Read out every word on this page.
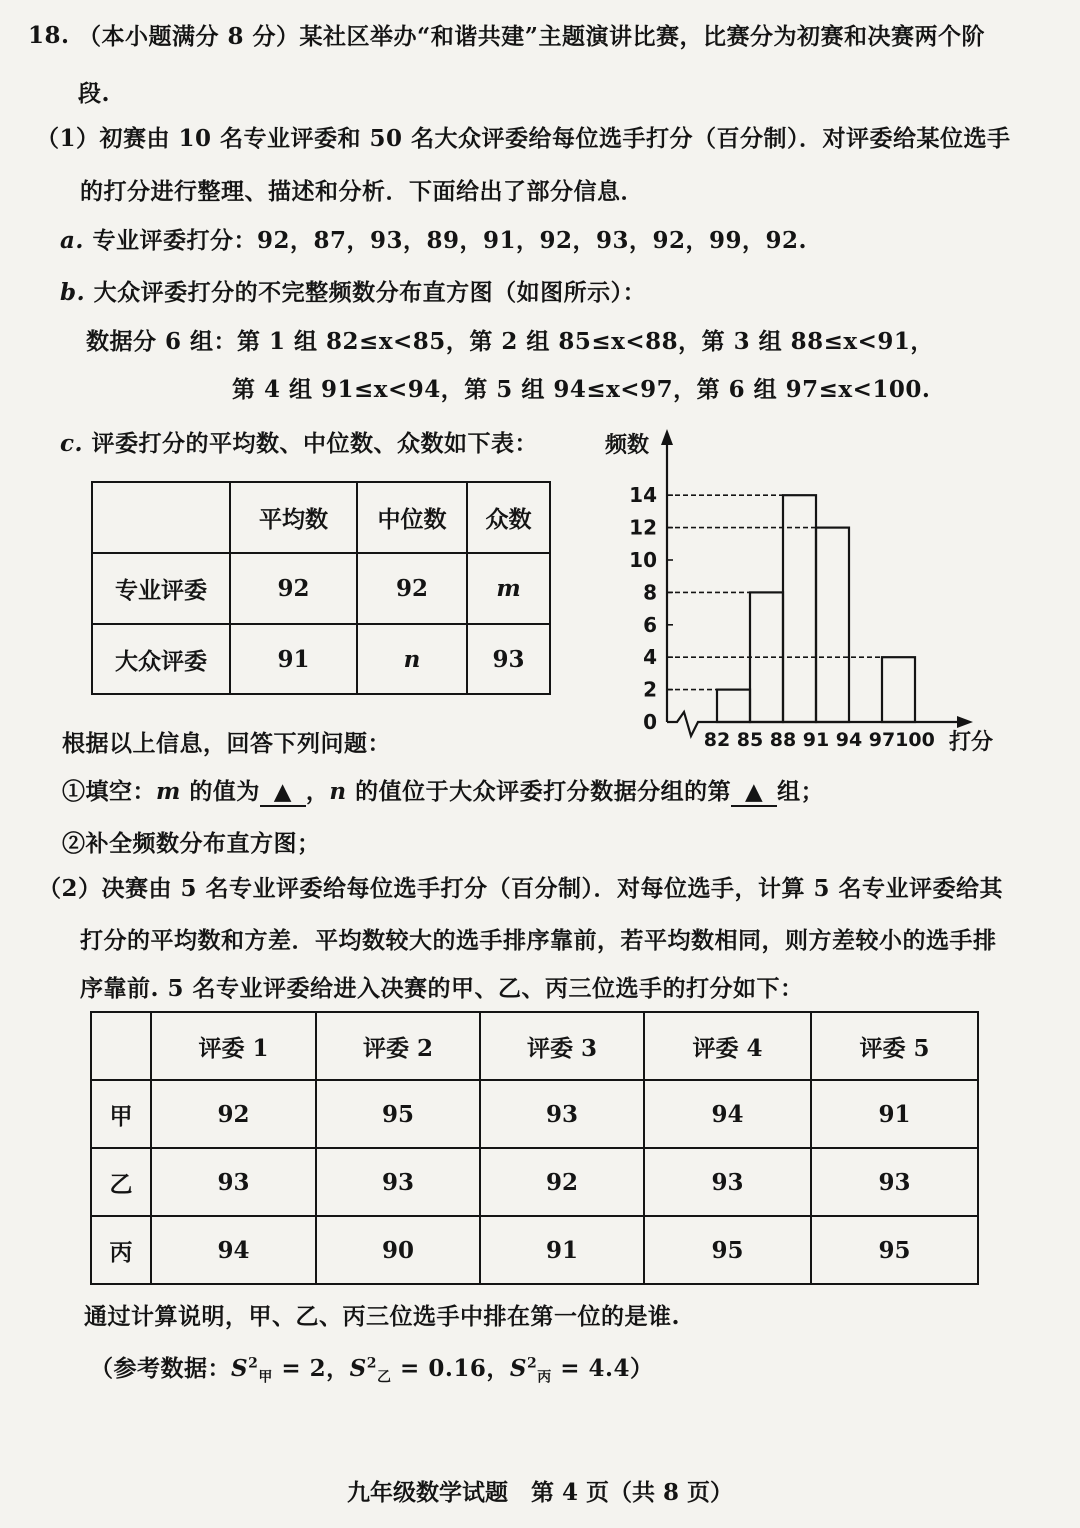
18. （本小题满分 8 分）某社区举办“和谐共建”主题演讲比赛，比赛分为初赛和决赛两个阶
段.
（1）初赛由 10 名专业评委和 50 名大众评委给每位选手打分（百分制）．对评委给某位选手
的打分进行整理、描述和分析．下面给出了部分信息．
a. 专业评委打分：92，87，93，89，91，92，93，92，99，92.
b. 大众评委打分的不完整频数分布直方图（如图所示）：
数据分 6 组：第 1 组 82≤x<85，第 2 组 85≤x<88，第 3 组 88≤x<91，
第 4 组 91≤x<94，第 5 组 94≤x<97，第 6 组 97≤x<100.
c. 评委打分的平均数、中位数、众数如下表：
	平均数	中位数	众数
专业评委	92	92	m
大众评委	91	n	93
0
2
4
6
8
10
12
14
82 85 88 91 94 97 100
频数
打分
根据以上信息，回答下列问题：
①填空：m 的值为 ▲ ，n 的值位于大众评委打分数据分组的第 ▲ 组；
②补全频数分布直方图；
（2）决赛由 5 名专业评委给每位选手打分（百分制）．对每位选手，计算 5 名专业评委给其
打分的平均数和方差．平均数较大的选手排序靠前，若平均数相同，则方差较小的选手排
序靠前. 5 名专业评委给进入决赛的甲、乙、丙三位选手的打分如下：
	评委 1	评委 2	评委 3	评委 4	评委 5
甲	92	95	93	94	91
乙	93	93	92	93	93
丙	94	90	91	95	95
通过计算说明，甲、乙、丙三位选手中排在第一位的是谁.
（参考数据：$S^2_甲 = 2$，$S^2_乙 = 0.16$，$S^2_丙 = 4.4$）
九年级数学试题　第 4 页（共 8 页）
